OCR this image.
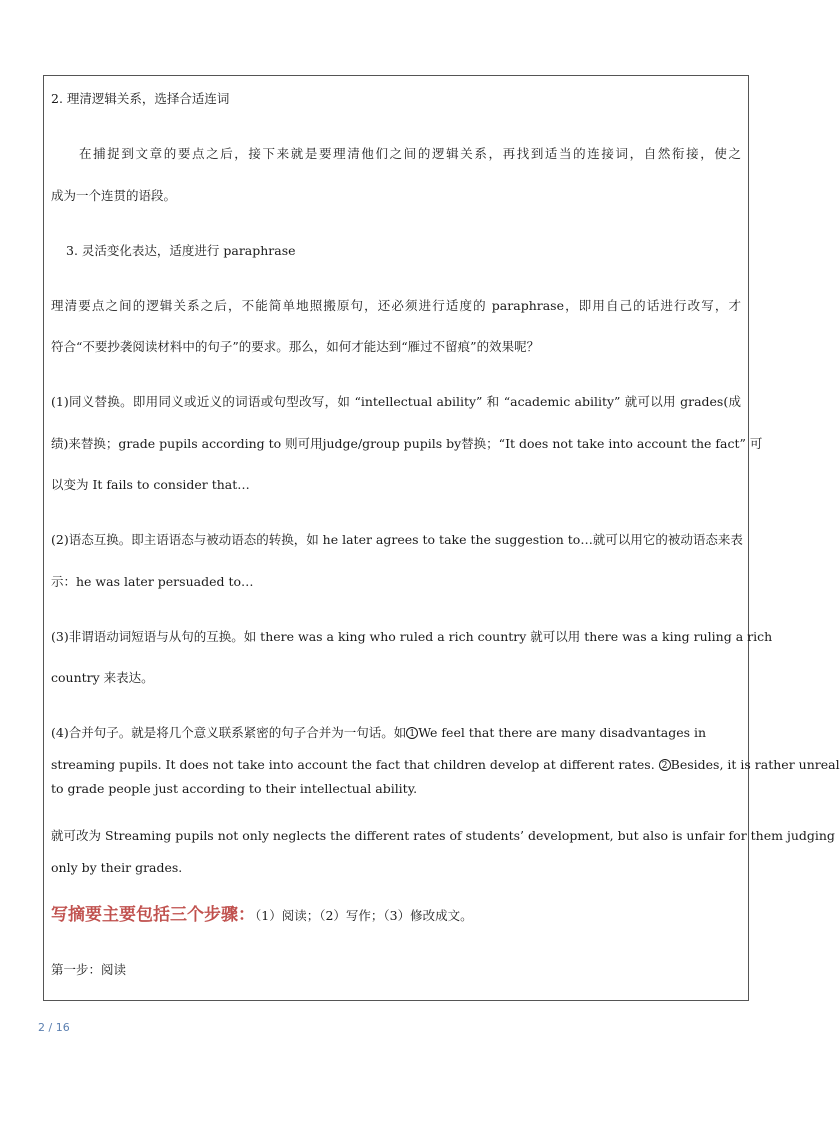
2. 理清逻辑关系，选择合适连词
在捕捉到文章的要点之后，接下来就是要理清他们之间的逻辑关系，再找到适当的连接词，自然衔接，使之
成为一个连贯的语段。
3. 灵活变化表达，适度进行 paraphrase
理清要点之间的逻辑关系之后，不能简单地照搬原句，还必须进行适度的 paraphrase，即用自己的话进行改写，才
符合“不要抄袭阅读材料中的句子”的要求。那么，如何才能达到“雁过不留痕”的效果呢？
(1)同义替换。即用同义或近义的词语或句型改写，如 “intellectual ability” 和 “academic ability” 就可以用 grades(成
绩)来替换；grade pupils according to 则可用judge/group pupils by替换；“It does not take into account the fact” 可
以变为 It fails to consider that…
(2)语态互换。即主语语态与被动语态的转换，如 he later agrees to take the suggestion to…就可以用它的被动语态来表
示：he was later persuaded to…
(3)非谓语动词短语与从句的互换。如 there was a king who ruled a rich country 就可以用 there was a king ruling a rich
country 来表达。
(4)合并句子。就是将几个意义联系紧密的句子合并为一句话。如 1 We feel that there are many disadvantages in
streaming pupils. It does not take into account the fact that children develop at different rates. 2 Besides, it is rather unreal
to grade people just according to their intellectual ability.
就可改为 Streaming pupils not only neglects the different rates of students’ development, but also is unfair for them judging
only by their grades.
写摘要主要包括三个步骤：（1）阅读；（2）写作；（3）修改成文。
第一步：阅读
2 / 16
